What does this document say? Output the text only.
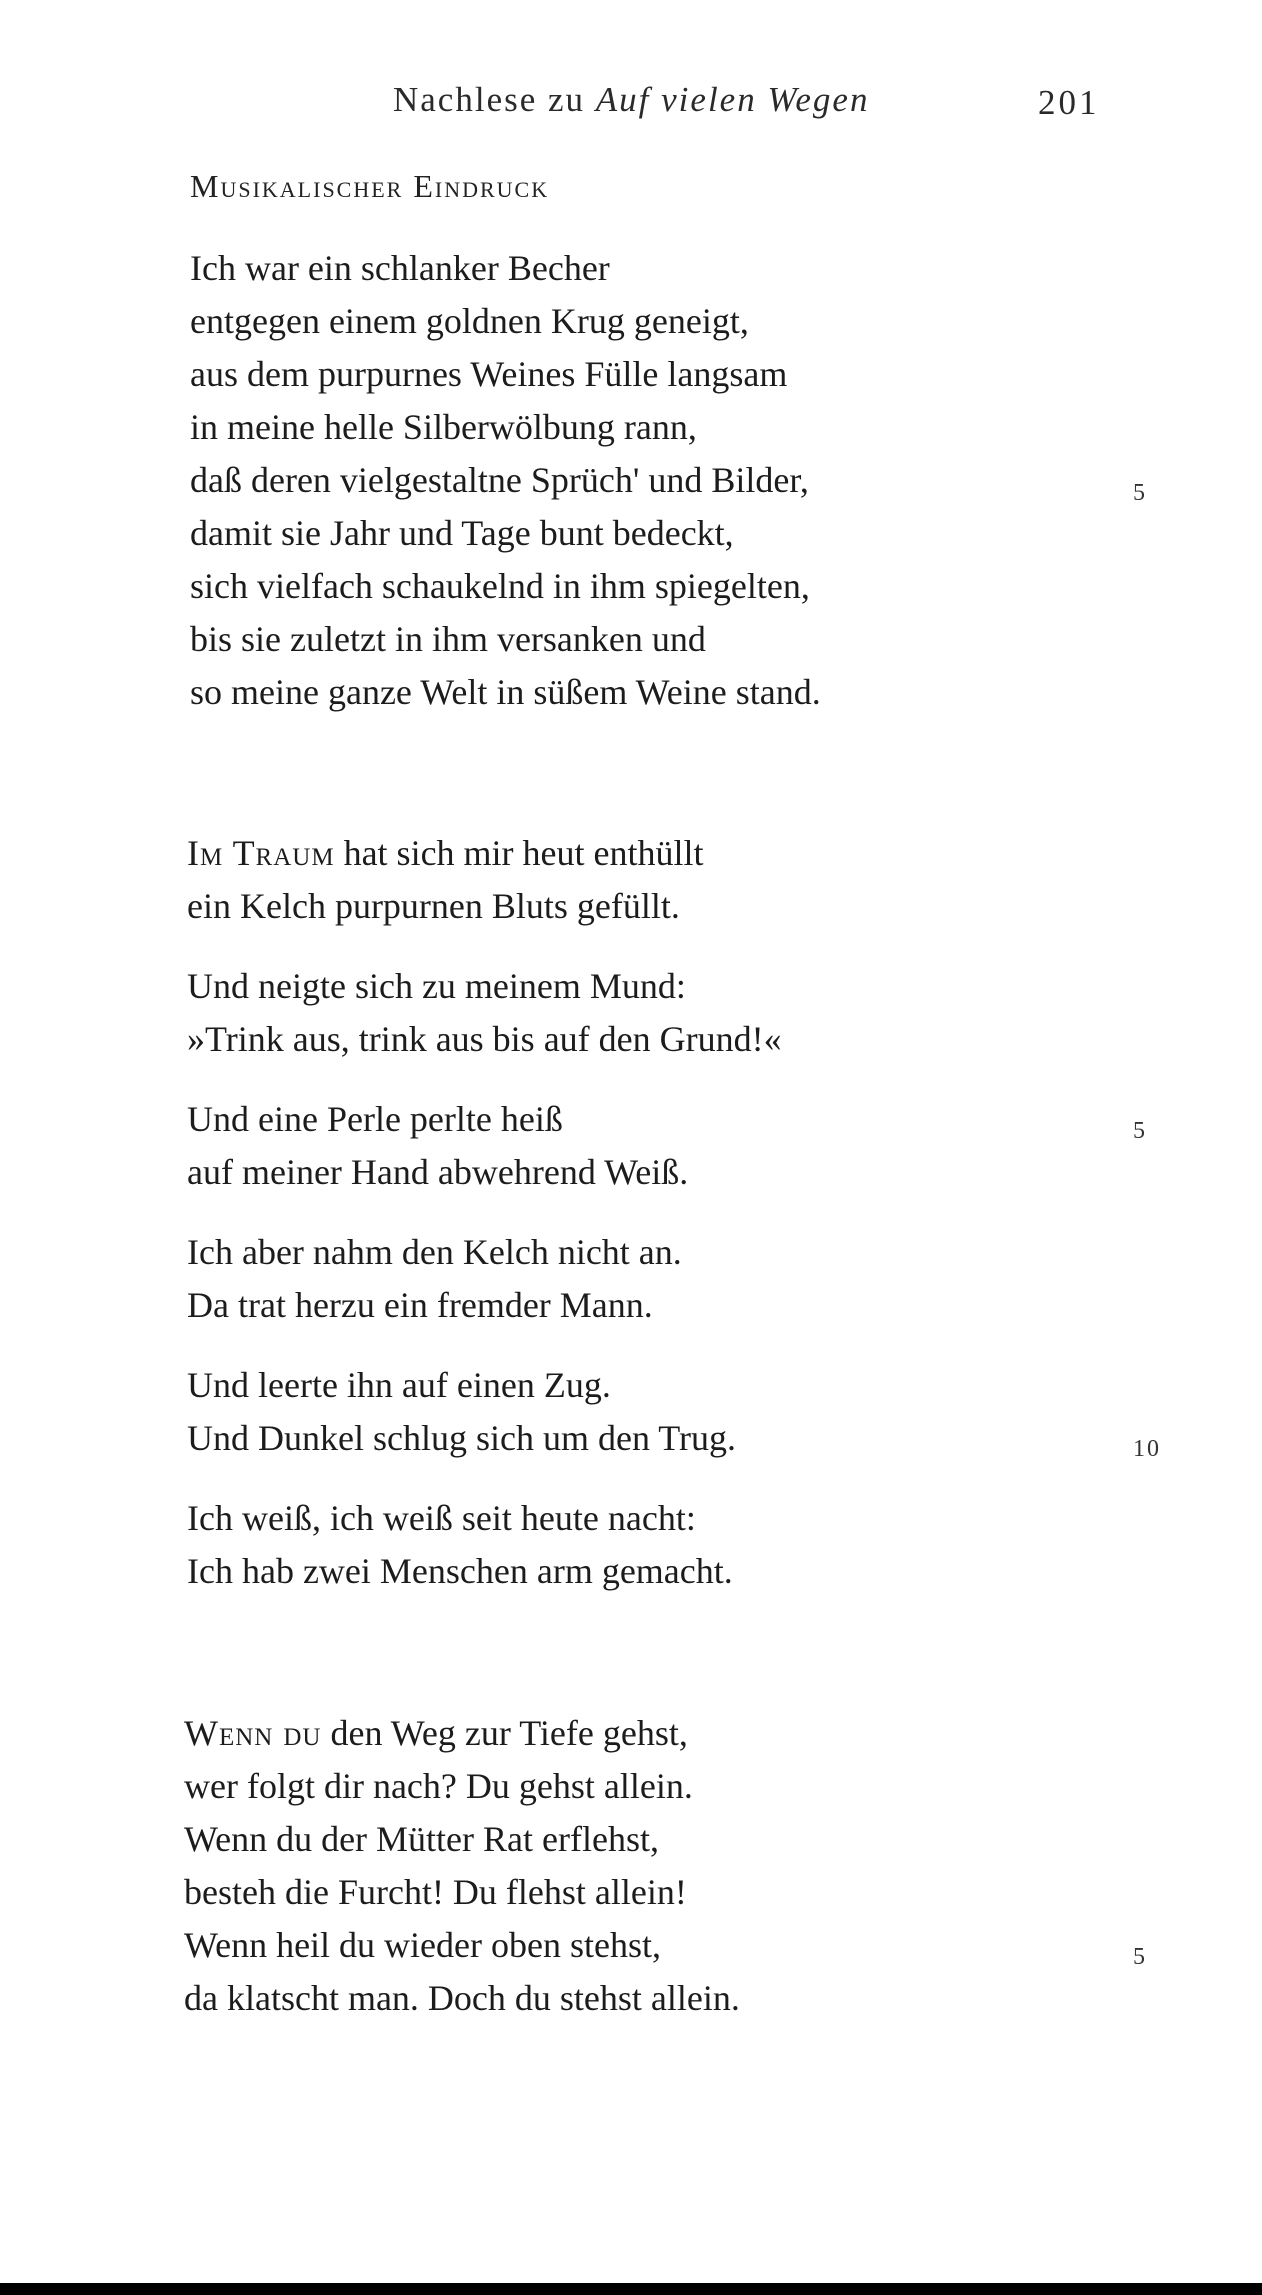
Nachlese zu Auf vielen Wegen	201
Musikalischer Eindruck
Ich war ein schlanker Becher
entgegen einem goldnen Krug geneigt,
aus dem purpurnes Weines Fülle langsam
in meine helle Silberwölbung rann,
daß deren vielgestaltne Sprüch' und Bilder,	5
damit sie Jahr und Tage bunt bedeckt,
sich vielfach schaukelnd in ihm spiegelten,
bis sie zuletzt in ihm versanken und
so meine ganze Welt in süßem Weine stand.
Im Traum hat sich mir heut enthüllt
ein Kelch purpurnen Bluts gefüllt.
Und neigte sich zu meinem Mund:
»Trink aus, trink aus bis auf den Grund!«
Und eine Perle perlte heiß	5
auf meiner Hand abwehrend Weiß.
Ich aber nahm den Kelch nicht an.
Da trat herzu ein fremder Mann.
Und leerte ihn auf einen Zug.
Und Dunkel schlug sich um den Trug.	10
Ich weiß, ich weiß seit heute nacht:
Ich hab zwei Menschen arm gemacht.
Wenn du den Weg zur Tiefe gehst,
wer folgt dir nach? Du gehst allein.
Wenn du der Mütter Rat erflehst,
besteh die Furcht! Du flehst allein!
Wenn heil du wieder oben stehst,	5
da klatscht man. Doch du stehst allein.
